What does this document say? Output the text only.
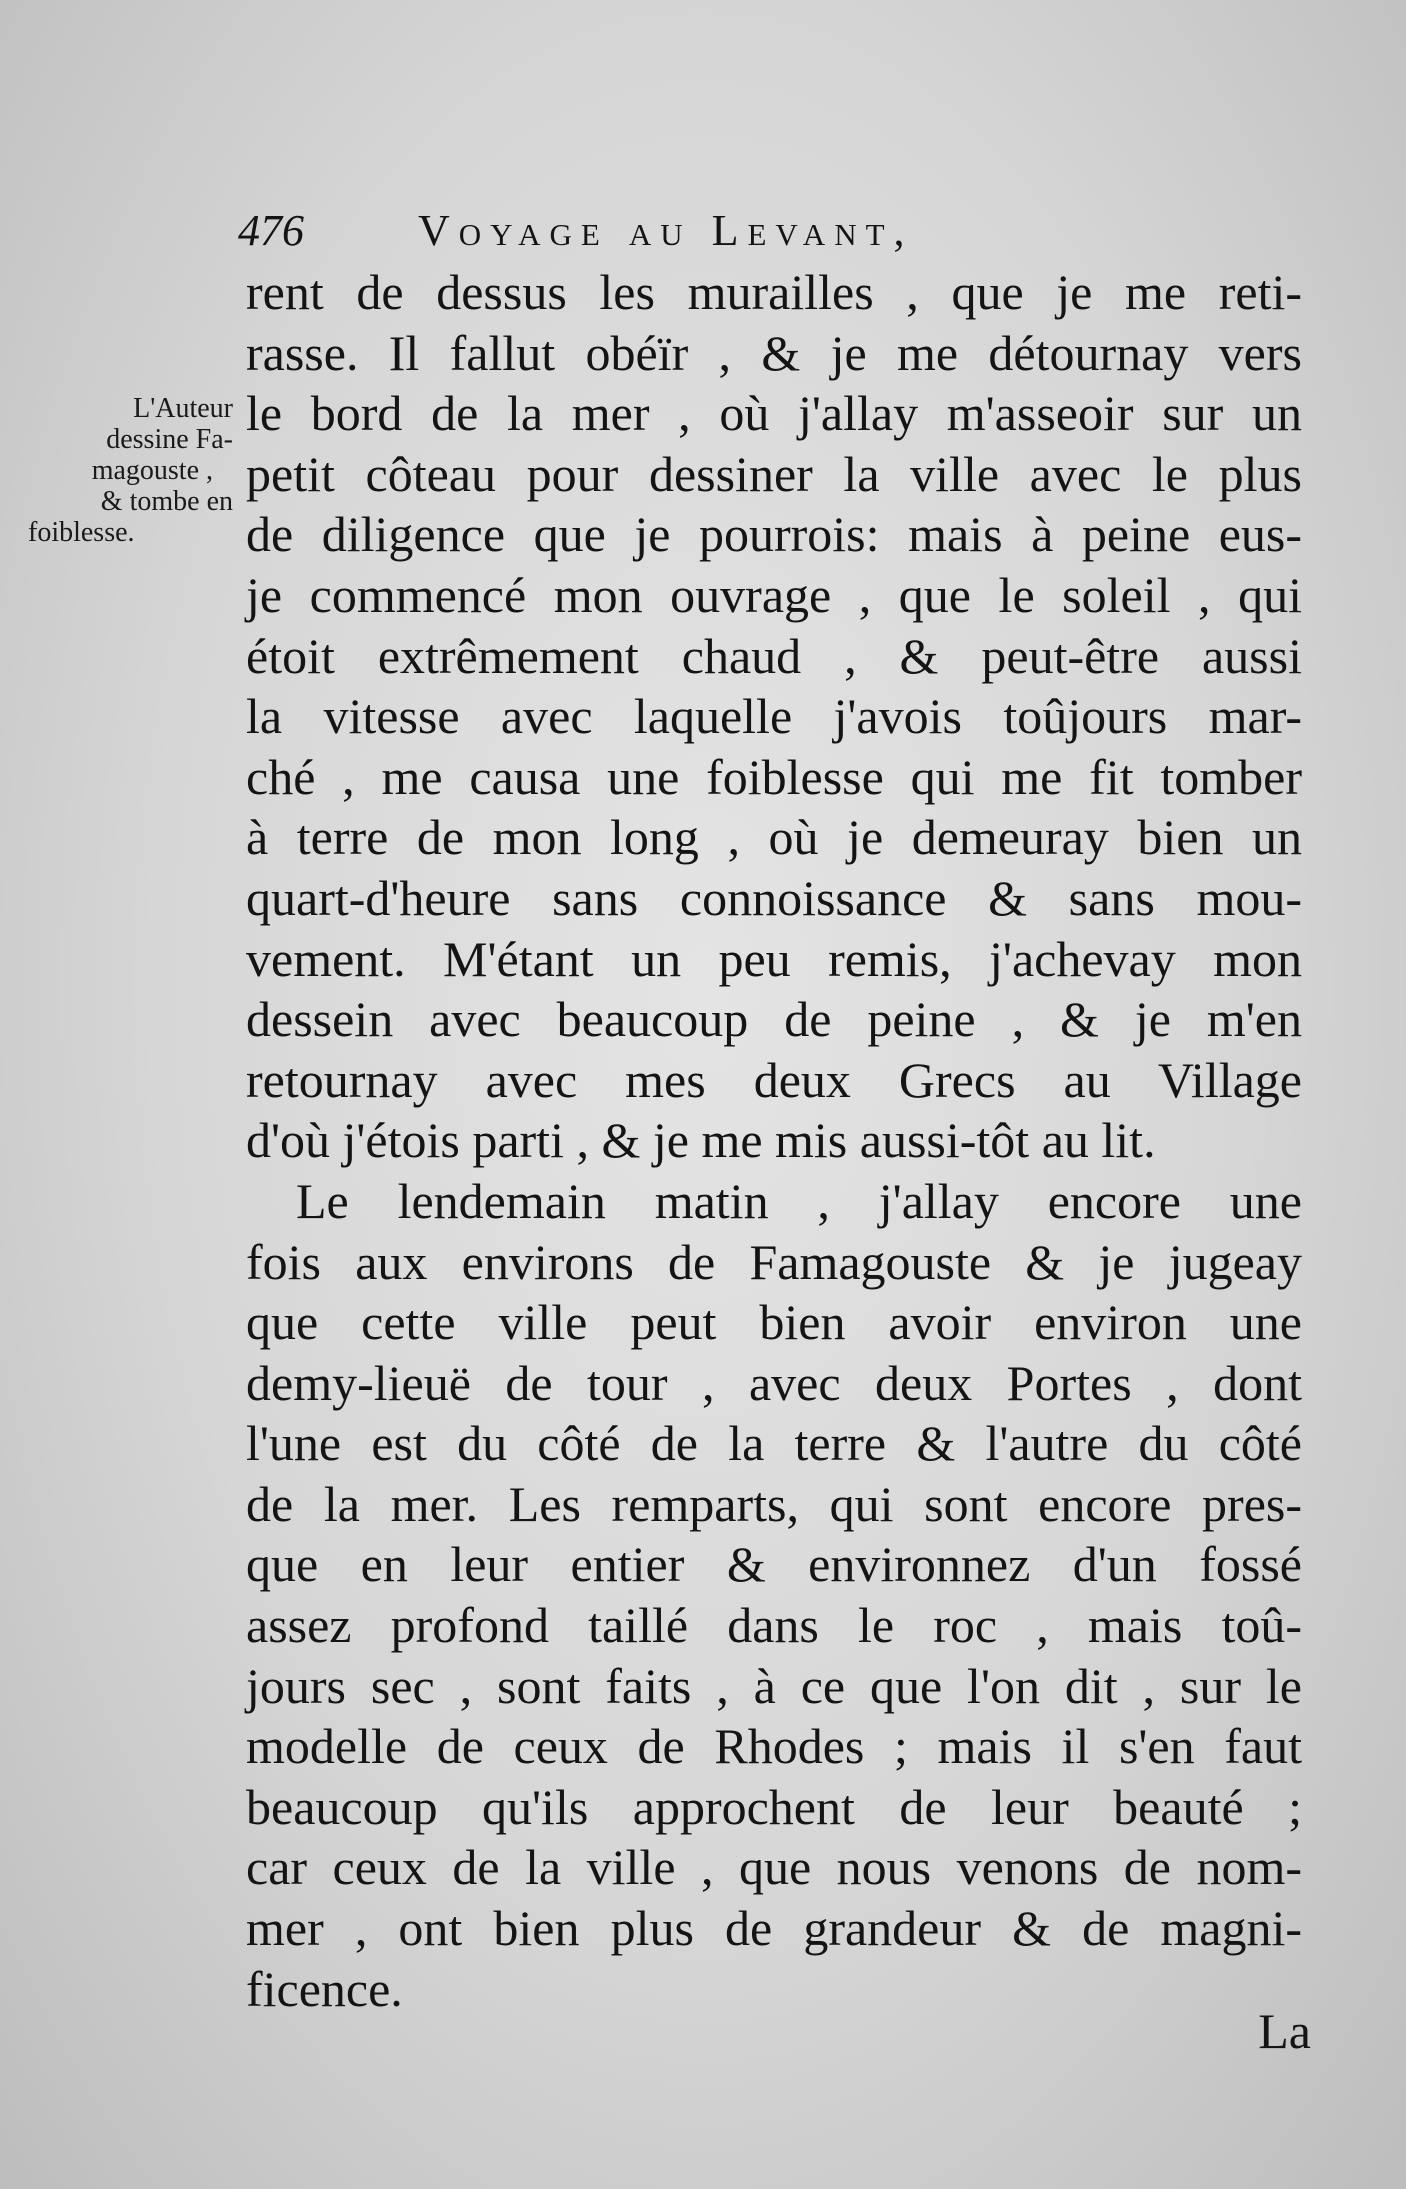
476	Voyage au Levant,
L'Auteur
dessine Fa-
magouste ,
& tombe en
foiblesse.
rent de dessus les murailles , que je me reti-
rasse. Il fallut obéïr , & je me détournay vers
le bord de la mer , où j'allay m'asseoir sur un
petit côteau pour dessiner la ville avec le plus
de diligence que je pourrois: mais à peine eus-
je commencé mon ouvrage , que le soleil , qui
étoit extrêmement chaud , & peut-être aussi
la vitesse avec laquelle j'avois toûjours mar-
ché , me causa une foiblesse qui me fit tomber
à terre de mon long , où je demeuray bien un
quart-d'heure sans connoissance & sans mou-
vement. M'étant un peu remis, j'achevay mon
dessein avec beaucoup de peine , & je m'en
retournay avec mes deux Grecs au Village
d'où j'étois parti , & je me mis aussi-tôt au lit.
Le lendemain matin , j'allay encore une
fois aux environs de Famagouste & je jugeay
que cette ville peut bien avoir environ une
demy-lieuë de tour , avec deux Portes , dont
l'une est du côté de la terre & l'autre du côté
de la mer. Les remparts, qui sont encore pres-
que en leur entier & environnez d'un fossé
assez profond taillé dans le roc , mais toû-
jours sec , sont faits , à ce que l'on dit , sur le
modelle de ceux de Rhodes ; mais il s'en faut
beaucoup qu'ils approchent de leur beauté ;
car ceux de la ville , que nous venons de nom-
mer , ont bien plus de grandeur & de magni-
ficence.
La
